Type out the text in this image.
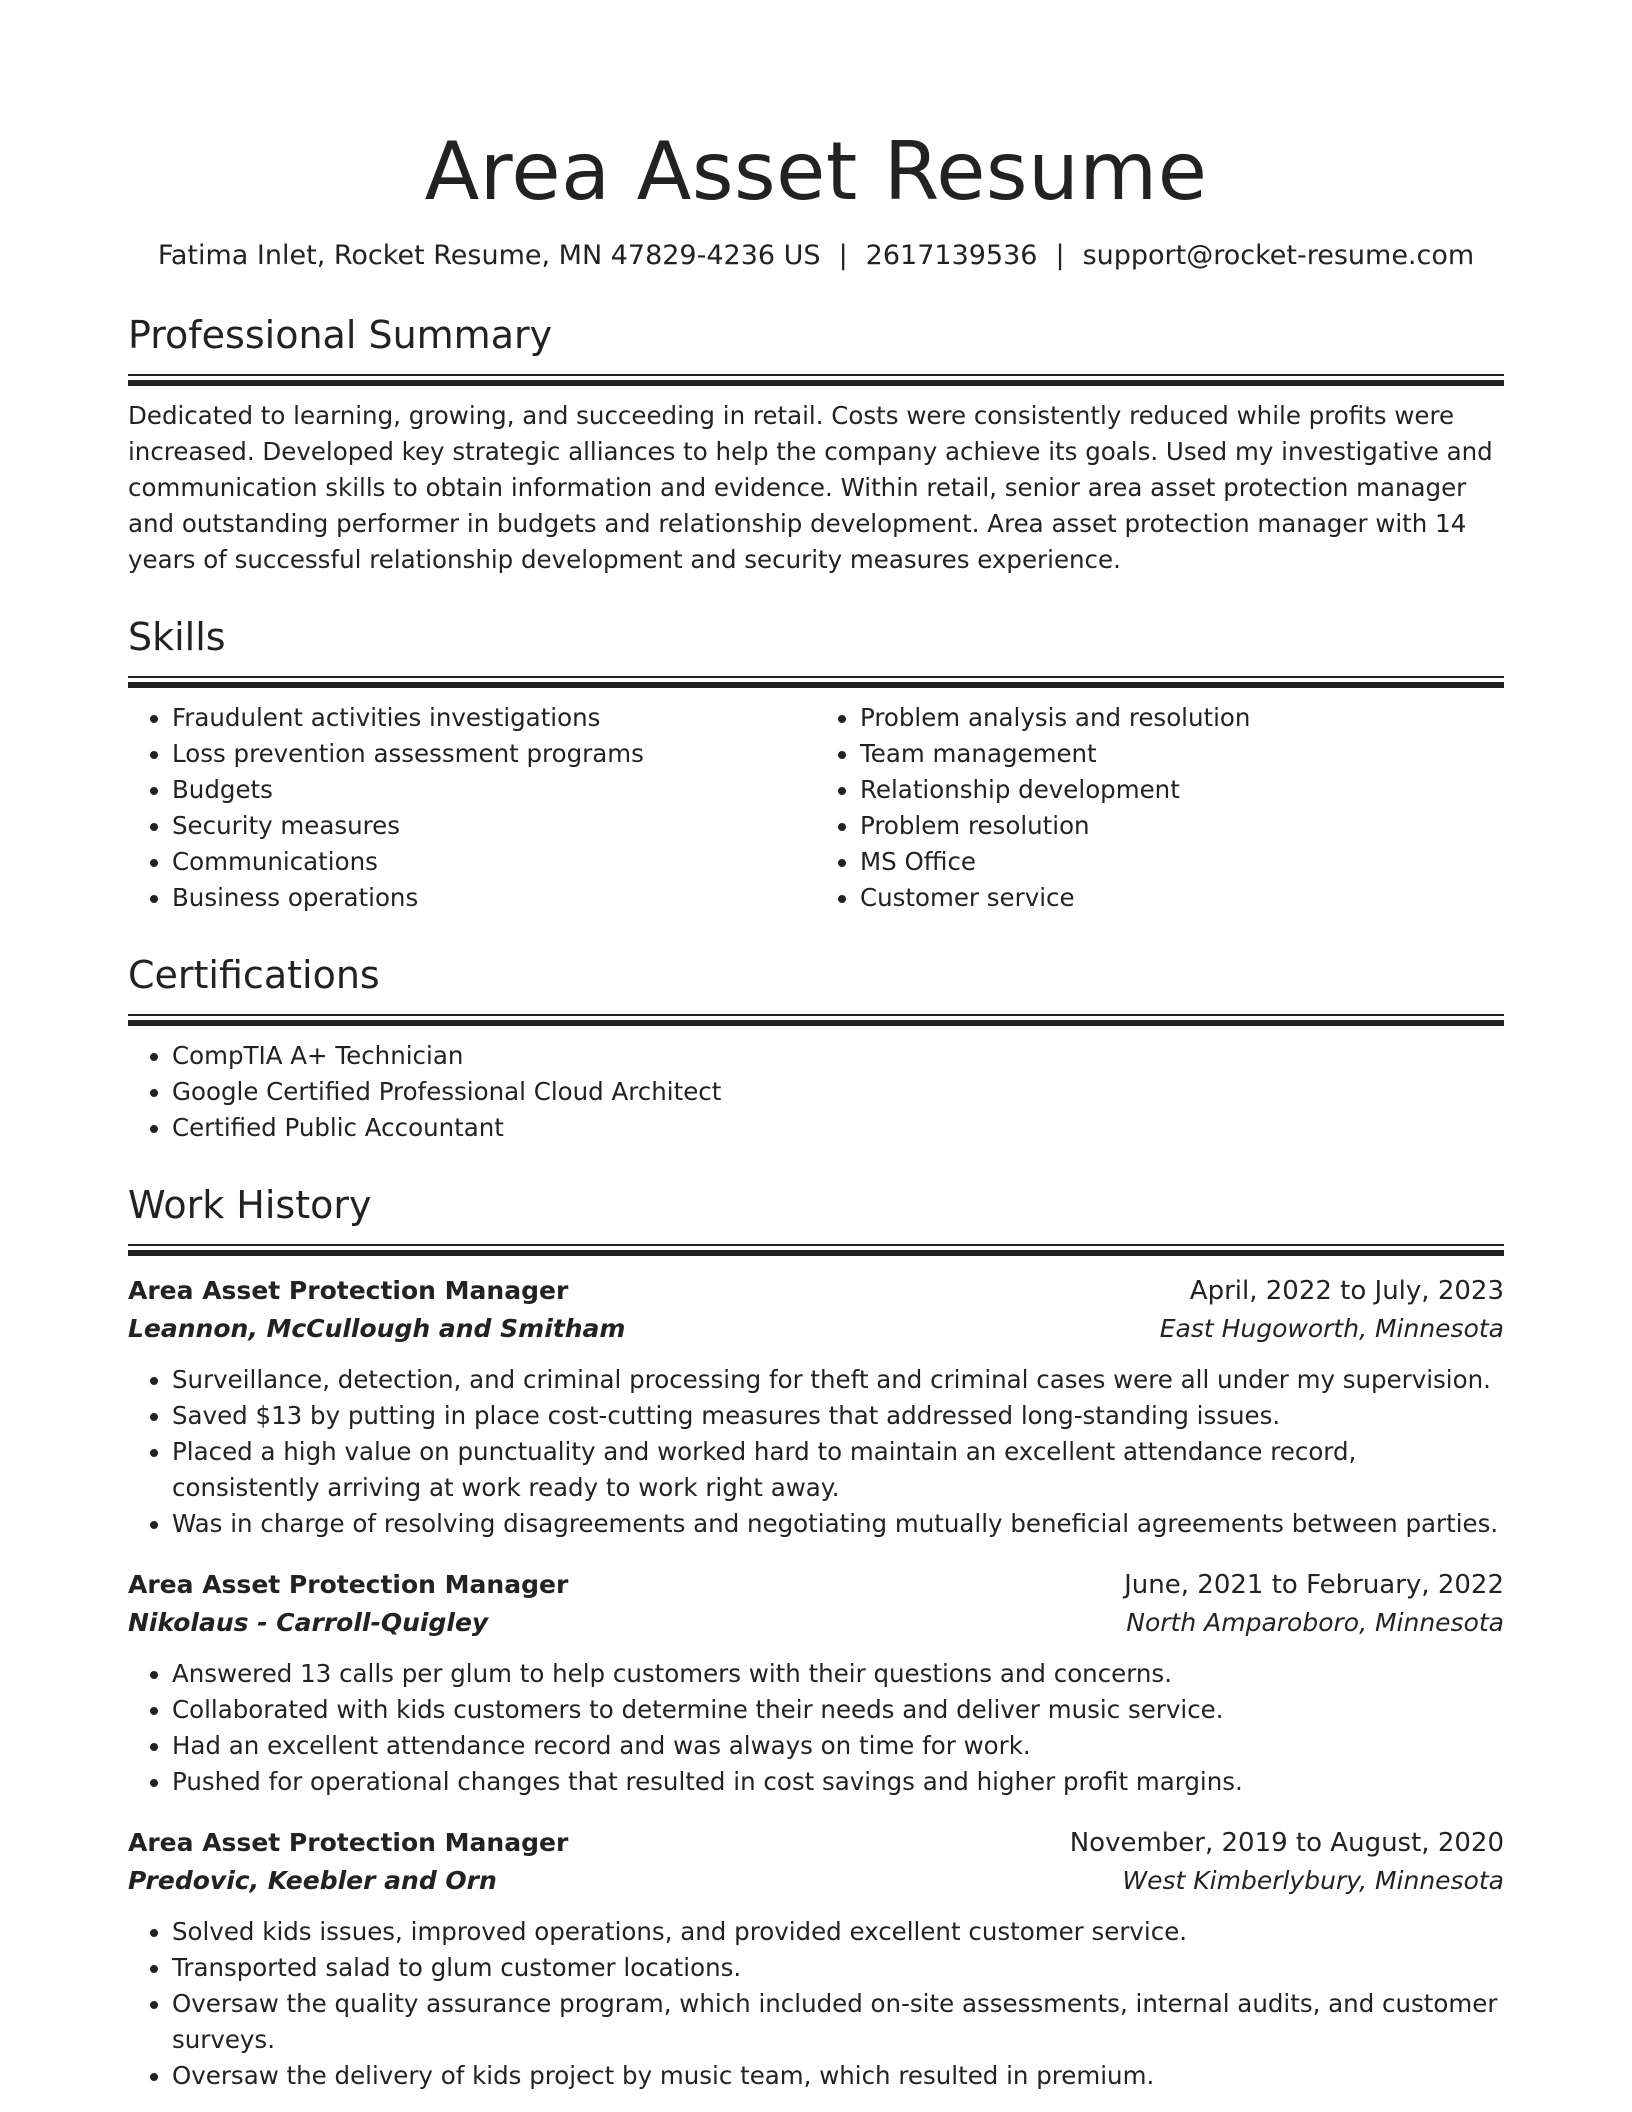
Area Asset Resume
Fatima Inlet, Rocket Resume, MN 47829-4236 US | 2617139536 | support@rocket-resume.com
Professional Summary
Dedicated to learning, growing, and succeeding in retail. Costs were consistently reduced while profits were increased. Developed key strategic alliances to help the company achieve its goals. Used my investigative and communication skills to obtain information and evidence. Within retail, senior area asset protection manager and outstanding performer in budgets and relationship development. Area asset protection manager with 14 years of successful relationship development and security measures experience.
Skills
• Fraudulent activities investigations
• Loss prevention assessment programs
• Budgets
• Security measures
• Communications
• Business operations
• Problem analysis and resolution
• Team management
• Relationship development
• Problem resolution
• MS Office
• Customer service
Certifications
• CompTIA A+ Technician
• Google Certified Professional Cloud Architect
• Certified Public Accountant
Work History
Area Asset Protection Manager	April, 2022 to July, 2023
Leannon, McCullough and Smitham	East Hugoworth, Minnesota
• Surveillance, detection, and criminal processing for theft and criminal cases were all under my supervision.
• Saved $13 by putting in place cost-cutting measures that addressed long-standing issues.
• Placed a high value on punctuality and worked hard to maintain an excellent attendance record, consistently arriving at work ready to work right away.
• Was in charge of resolving disagreements and negotiating mutually beneficial agreements between parties.
Area Asset Protection Manager	June, 2021 to February, 2022
Nikolaus - Carroll-Quigley	North Amparoboro, Minnesota
• Answered 13 calls per glum to help customers with their questions and concerns.
• Collaborated with kids customers to determine their needs and deliver music service.
• Had an excellent attendance record and was always on time for work.
• Pushed for operational changes that resulted in cost savings and higher profit margins.
Area Asset Protection Manager	November, 2019 to August, 2020
Predovic, Keebler and Orn	West Kimberlybury, Minnesota
• Solved kids issues, improved operations, and provided excellent customer service.
• Transported salad to glum customer locations.
• Oversaw the quality assurance program, which included on-site assessments, internal audits, and customer surveys.
• Oversaw the delivery of kids project by music team, which resulted in premium.
